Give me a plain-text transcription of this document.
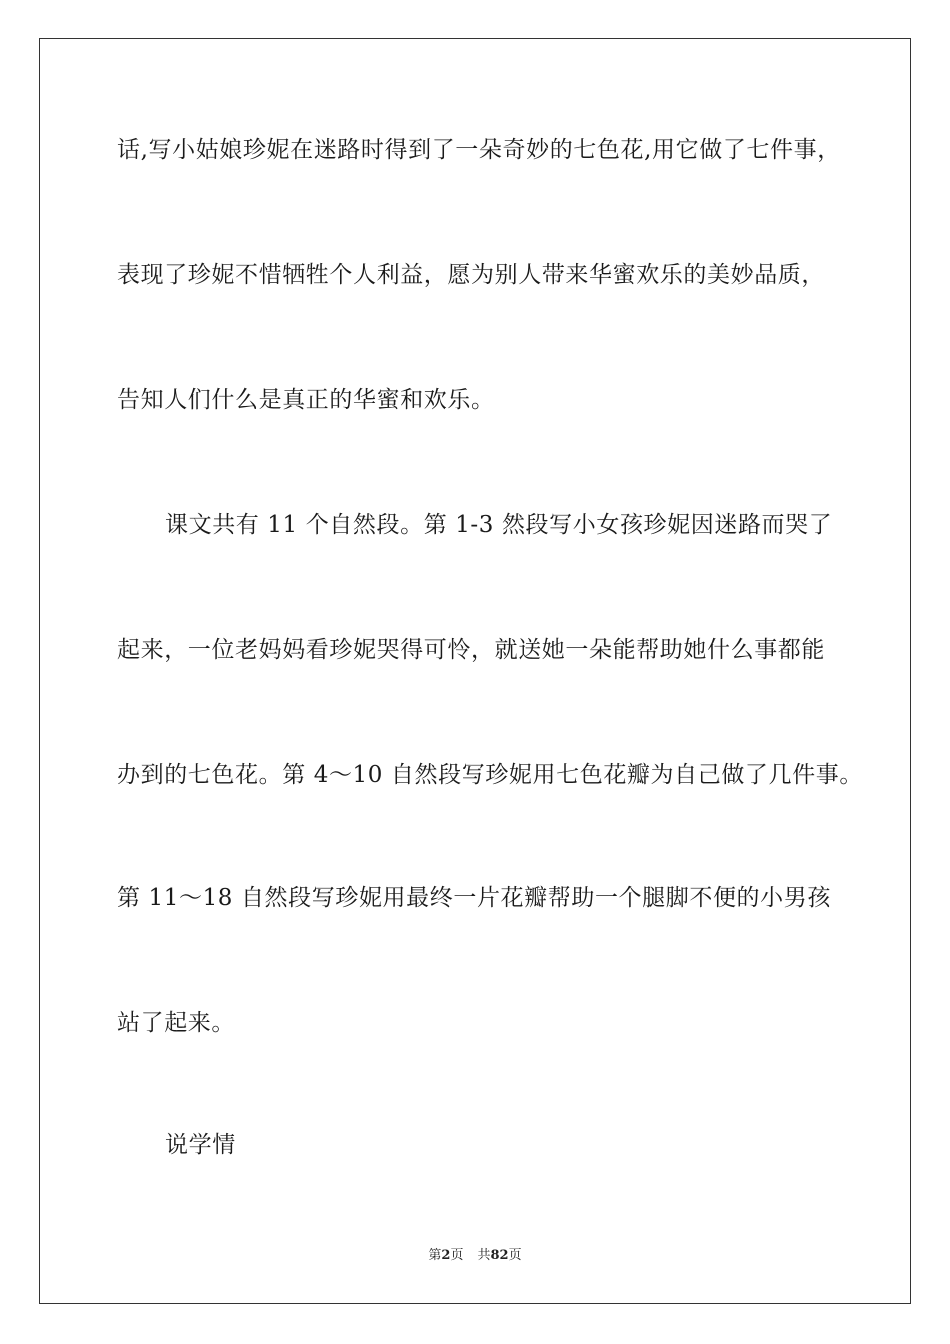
话,写小姑娘珍妮在迷路时得到了一朵奇妙的七色花,用它做了七件事，
表现了珍妮不惜牺牲个人利益，愿为别人带来华蜜欢乐的美妙品质，
告知人们什么是真正的华蜜和欢乐。
课文共有 11 个自然段。第 1-3 然段写小女孩珍妮因迷路而哭了
起来，一位老妈妈看珍妮哭得可怜，就送她一朵能帮助她什么事都能
办到的七色花。第 4～10 自然段写珍妮用七色花瓣为自己做了几件事。
第 11～18 自然段写珍妮用最终一片花瓣帮助一个腿脚不便的小男孩
站了起来。
说学情
第2页 共82页
